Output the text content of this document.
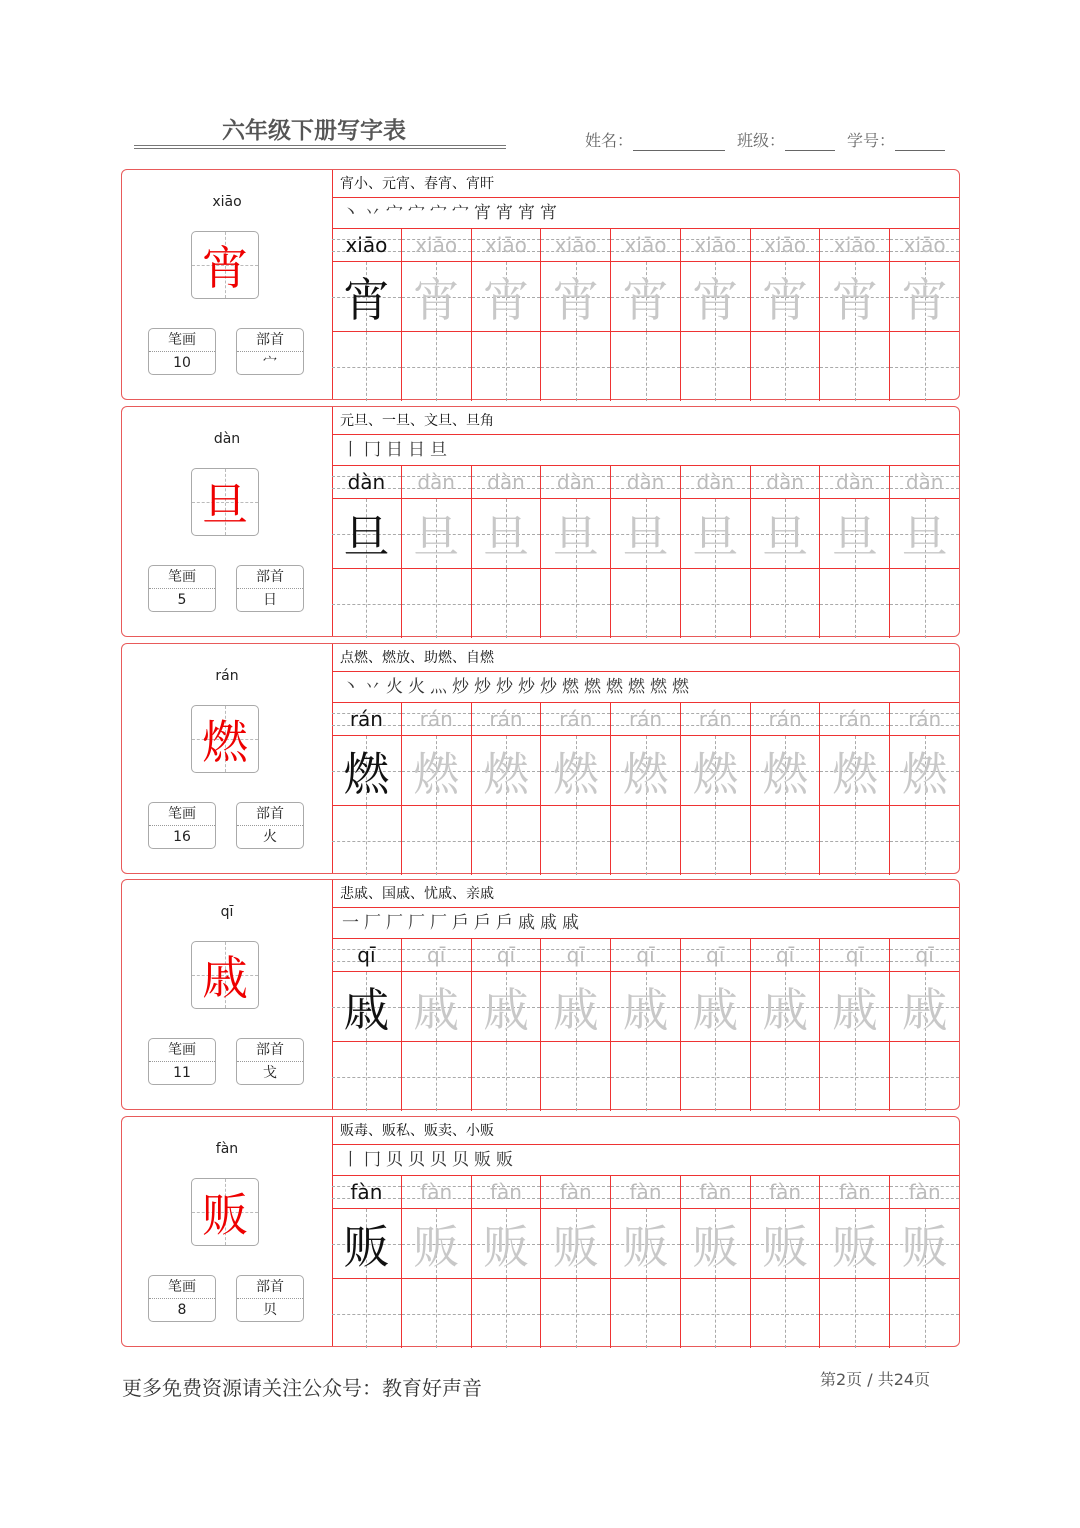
六年级下册写字表	姓名：	班级：	学号：
xiāo
宵
笔画
10
部首
宀
宵小、元宵、春宵、宵旰
丶 丷 宀 宀 宀 宀 宵 宵 宵 宵
xiāo xiāo xiāo xiāo xiāo xiāo xiāo xiāo xiāo
宵 宵 宵 宵 宵 宵 宵 宵 宵
dàn
旦
笔画
5
部首
日
元旦、一旦、文旦、旦角
丨 冂 日 日 旦
dàn dàn dàn dàn dàn dàn dàn dàn dàn
旦 旦 旦 旦 旦 旦 旦 旦 旦
rán
燃
笔画
16
部首
火
点燃、燃放、助燃、自燃
丶 丷 火 火 灬 炒 炒 炒 炒 炒 燃 燃 燃 燃 燃 燃
rán rán rán rán rán rán rán rán rán
燃 燃 燃 燃 燃 燃 燃 燃 燃
qī
戚
笔画
11
部首
戈
悲戚、国戚、忧戚、亲戚
一 厂 厂 厂 厂 戶 戶 戶 戚 戚 戚
qī	qī	qī	qī	qī	qī	qī	qī	qī
戚 戚 戚 戚 戚 戚 戚 戚 戚
fàn
贩
笔画
8
部首
贝
贩毒、贩私、贩卖、小贩
丨 冂 贝 贝 贝 贝 贩 贩
fàn fàn fàn fàn fàn fàn fàn fàn fàn
贩 贩 贩 贩 贩 贩 贩 贩 贩
更多免费资源请关注公众号：教育好声音	第2页 / 共24页
